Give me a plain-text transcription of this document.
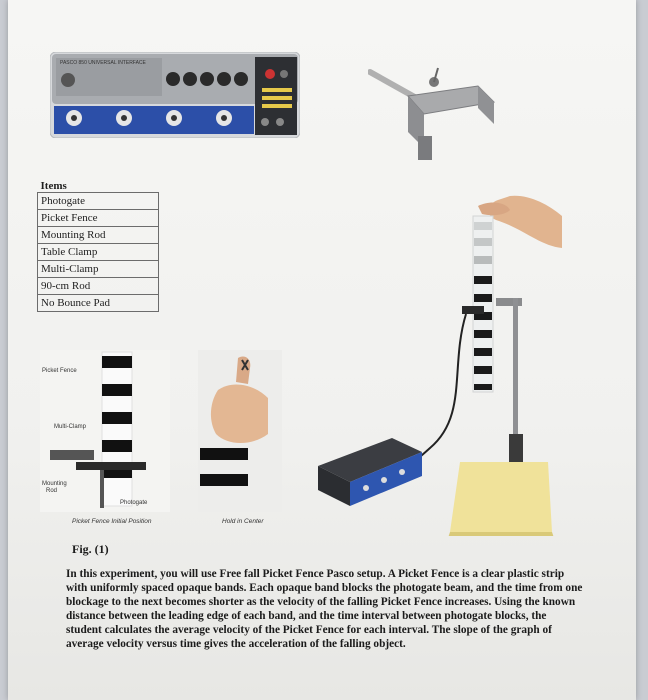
PASCO 850 UNIVERSAL INTERFACE
Items
Photogate
Picket Fence
Mounting Rod
Table Clamp
Multi-Clamp
90-cm Rod
No Bounce Pad
Picket Fence
Multi-Clamp
Mounting
Rod
Photogate
Picket Fence Initial Position	Hold in Center
Fig. (1)
In this experiment, you will use Free fall Picket Fence Pasco setup. A Picket Fence is a clear plastic strip with uniformly spaced opaque bands. Each opaque band blocks the photogate beam, and the time from one blockage to the next becomes shorter as the velocity of the falling Picket Fence increases. Using the known distance between the leading edge of each band, and the time interval between photogate blocks, the student calculates the average velocity of the Picket Fence for each interval. The slope of the graph of average velocity versus time gives the acceleration of the falling object.
